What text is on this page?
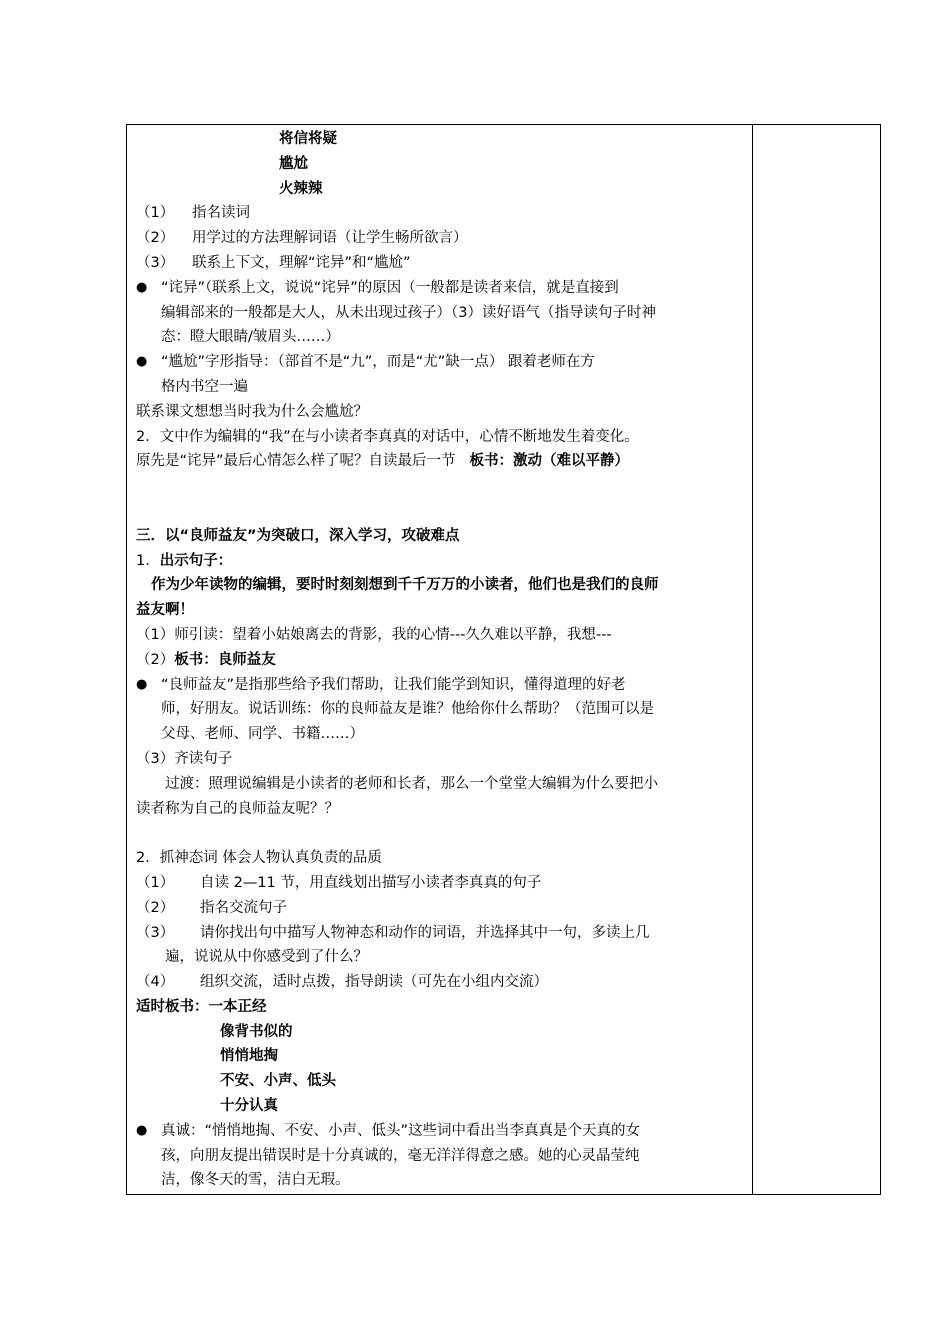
将信将疑
尴尬
火辣辣
（1） 指名读词
（2） 用学过的方法理解词语（让学生畅所欲言）
（3） 联系上下文，理解“诧异”和“尴尬”
● “诧异”（联系上文，说说“诧异”的原因（一般都是读者来信，就是直接到
编辑部来的一般都是大人，从未出现过孩子）（3）读好语气（指导读句子时神
态：瞪大眼睛/皱眉头……）
● “尴尬”字形指导：（部首不是“九”，而是“尤”缺一点） 跟着老师在方
格内书空一遍
联系课文想想当时我为什么会尴尬？
2．文中作为编辑的“我”在与小读者李真真的对话中，心情不断地发生着变化。
原先是“诧异”最后心情怎么样了呢？自读最后一节 板书：激动（难以平静）
三．以“良师益友”为突破口，深入学习，攻破难点
1．出示句子：
作为少年读物的编辑，要时时刻刻想到千千万万的小读者，他们也是我们的良师
益友啊！
（1）师引读：望着小姑娘离去的背影，我的心情---久久难以平静，我想---
（2）板书：良师益友
● “良师益友”是指那些给予我们帮助，让我们能学到知识，懂得道理的好老
师，好朋友。说话训练：你的良师益友是谁？他给你什么帮助？（范围可以是
父母、老师、同学、书籍……）
（3）齐读句子
过渡：照理说编辑是小读者的老师和长者，那么一个堂堂大编辑为什么要把小
读者称为自己的良师益友呢？？
2．抓神态词 体会人物认真负责的品质
（1） 自读 2—11 节，用直线划出描写小读者李真真的句子
（2） 指名交流句子
（3） 请你找出句中描写人物神态和动作的词语，并选择其中一句，多读上几
遍，说说从中你感受到了什么？
（4） 组织交流，适时点拨，指导朗读（可先在小组内交流）
适时板书：一本正经
像背书似的
悄悄地掏
不安、小声、低头
十分认真
● 真诚：“悄悄地掏、不安、小声、低头”这些词中看出当李真真是个天真的女
孩，向朋友提出错误时是十分真诚的，毫无洋洋得意之感。她的心灵晶莹纯
洁，像冬天的雪，洁白无瑕。
